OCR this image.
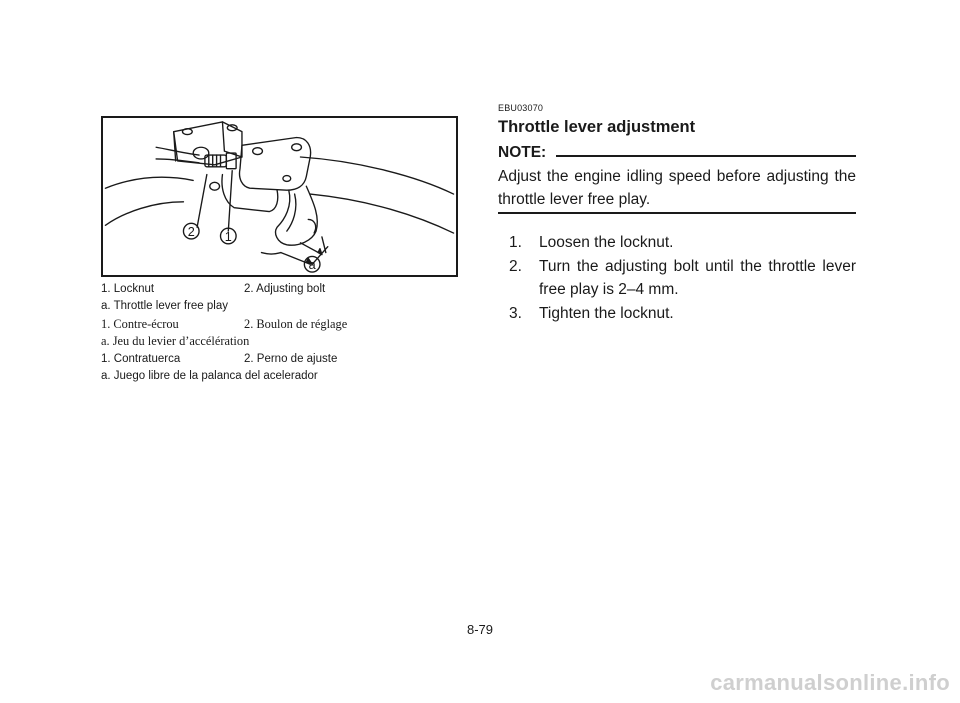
2 1
a
1. Locknut	2. Adjusting bolt
a. Throttle lever free play
1. Contre-écrou	2. Boulon de réglage
a. Jeu du levier d’accélération
1. Contratuerca	2. Perno de ajuste
a. Juego libre de la palanca del acelerador
EBU03070
Throttle lever adjustment
NOTE:
Adjust the engine idling speed before adjusting the throttle lever free play.
1.	Loosen the locknut.
2.	Turn the adjusting bolt until the throttle lever free play is 2–4 mm.
3.	Tighten the locknut.
8-79
carmanualsonline.info
